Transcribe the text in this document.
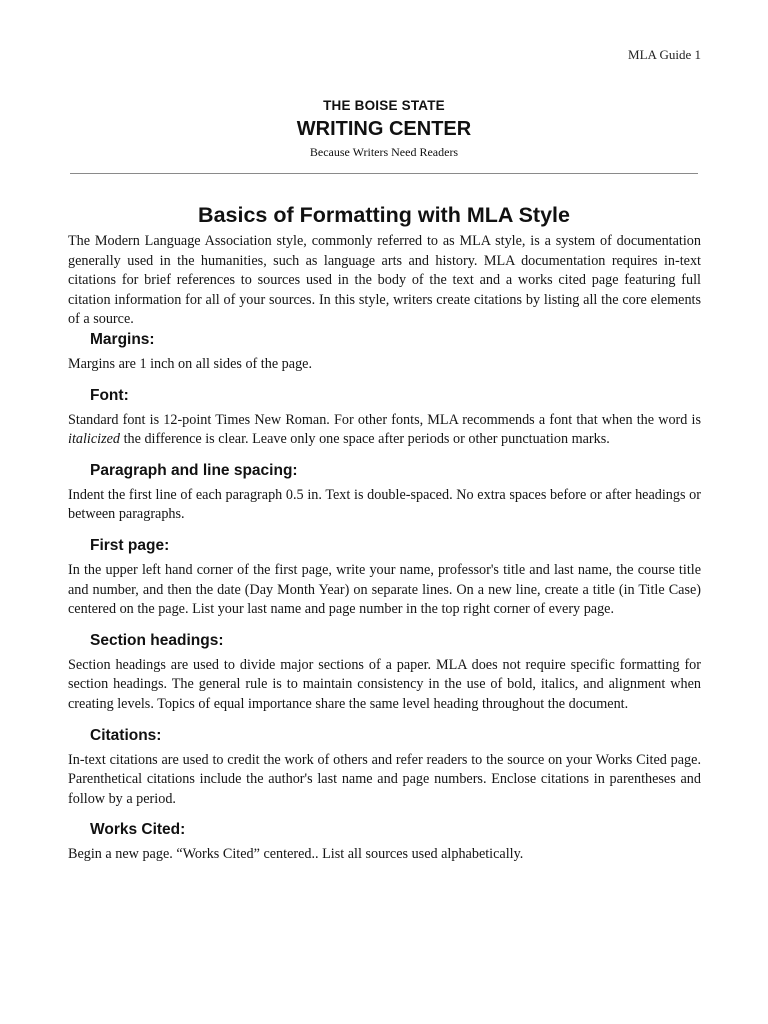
MLA Guide 1
THE BOISE STATE
WRITING CENTER
Because Writers Need Readers
Basics of Formatting with MLA Style

The Modern Language Association style, commonly referred to as MLA style, is a system of documentation generally used in the humanities, such as language arts and history. MLA documentation requires in-text citations for brief references to sources used in the body of the text and a works cited page featuring full citation information for all of your sources. In this style, writers create citations by listing all the core elements of a source.

Margins:

Margins are 1 inch on all sides of the page.

Font:

Standard font is 12-point Times New Roman. For other fonts, MLA recommends a font that when the word is italicized the difference is clear. Leave only one space after periods or other punctuation marks.

Paragraph and line spacing:

Indent the first line of each paragraph 0.5 in. Text is double-spaced. No extra spaces before or after headings or between paragraphs.

First page:

In the upper left hand corner of the first page, write your name, professor's title and last name, the course title and number, and then the date (Day Month Year) on separate lines. On a new line, create a title (in Title Case) centered on the page. List your last name and page number in the top right corner of every page.

Section headings:

Section headings are used to divide major sections of a paper. MLA does not require specific formatting for section headings. The general rule is to maintain consistency in the use of bold, italics, and alignment when creating levels. Topics of equal importance share the same level heading throughout the document.

Citations:

In-text citations are used to credit the work of others and refer readers to the source on your Works Cited page. Parenthetical citations include the author's last name and page numbers. Enclose citations in parentheses and follow by a period.

Works Cited:

Begin a new page. “Works Cited” centered.. List all sources used alphabetically.
